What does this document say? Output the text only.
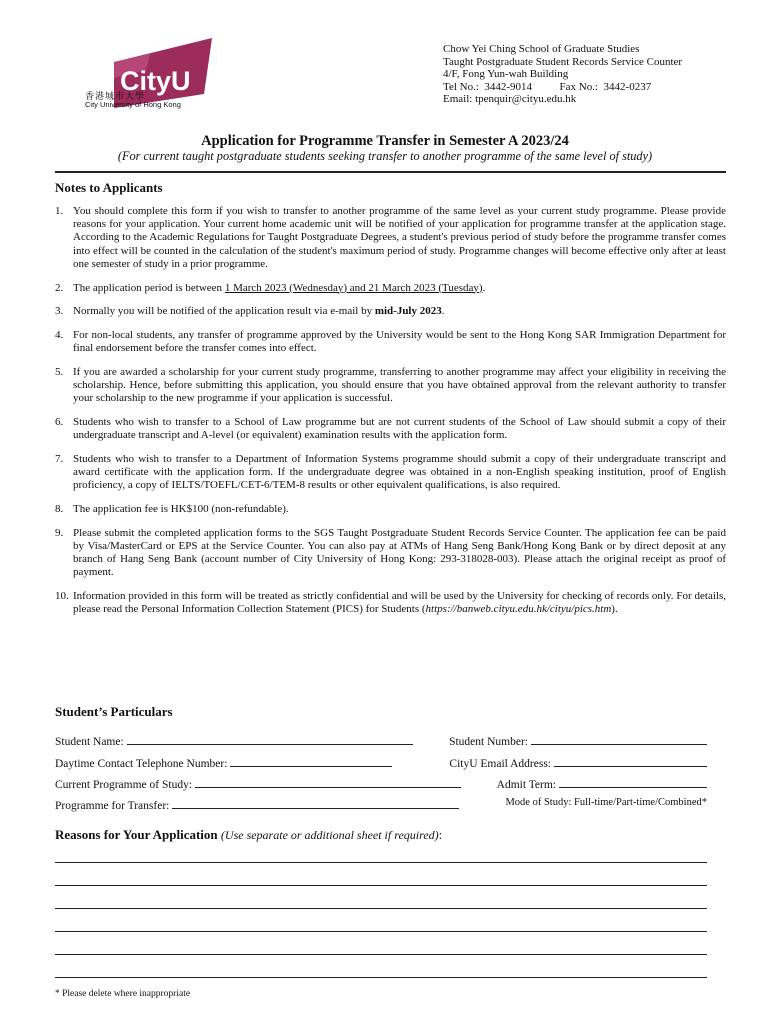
CityU
香港城市大學
City University of Hong Kong
Chow Yei Ching School of Graduate Studies
Taught Postgraduate Student Records Service Counter
4/F, Fong Yun-wah Building
Tel No.:  3442-9014          Fax No.:  3442-0237
Email: tpenquir@cityu.edu.hk
Application for Programme Transfer in Semester A 2023/24
(For current taught postgraduate students seeking transfer to another programme of the same level of study)
Notes to Applicants
1. You should complete this form if you wish to transfer to another programme of the same level as your current study programme. Please provide reasons for your application. Your current home academic unit will be notified of your application for programme transfer at the application stage. According to the Academic Regulations for Taught Postgraduate Degrees, a student's previous period of study before the programme transfer comes into effect will be counted in the calculation of the student's maximum period of study. Programme changes will become effective only after at least one semester of study in a prior programme.
2. The application period is between 1 March 2023 (Wednesday) and 21 March 2023 (Tuesday).
3. Normally you will be notified of the application result via e-mail by mid-July 2023.
4. For non-local students, any transfer of programme approved by the University would be sent to the Hong Kong SAR Immigration Department for final endorsement before the transfer comes into effect.
5. If you are awarded a scholarship for your current study programme, transferring to another programme may affect your eligibility in receiving the scholarship. Hence, before submitting this application, you should ensure that you have obtained approval from the relevant authority to transfer your scholarship to the new programme if your application is successful.
6. Students who wish to transfer to a School of Law programme but are not current students of the School of Law should submit a copy of their undergraduate transcript and A-level (or equivalent) examination results with the application form.
7. Students who wish to transfer to a Department of Information Systems programme should submit a copy of their undergraduate transcript and award certificate with the application form. If the undergraduate degree was obtained in a non-English speaking institution, proof of English proficiency, a copy of IELTS/TOEFL/CET-6/TEM-8 results or other equivalent qualifications, is also required.
8. The application fee is HK$100 (non-refundable).
9. Please submit the completed application forms to the SGS Taught Postgraduate Student Records Service Counter. The application fee can be paid by Visa/MasterCard or EPS at the Service Counter. You can also pay at ATMs of Hang Seng Bank/Hong Kong Bank or by direct deposit at any branch of Hang Seng Bank (account number of City University of Hong Kong: 293-318028-003). Please attach the original receipt as proof of payment.
10. Information provided in this form will be treated as strictly confidential and will be used by the University for checking of records only. For details, please read the Personal Information Collection Statement (PICS) for Students (https://banweb.cityu.edu.hk/cityu/pics.htm).
Student’s Particulars
Student Name:	Student Number:
Daytime Contact Telephone Number:	CityU Email Address:
Current Programme of Study:	Admit Term:
Programme for Transfer:	Mode of Study: Full-time/Part-time/Combined*
Reasons for Your Application (Use separate or additional sheet if required):
* Please delete where inappropriate
